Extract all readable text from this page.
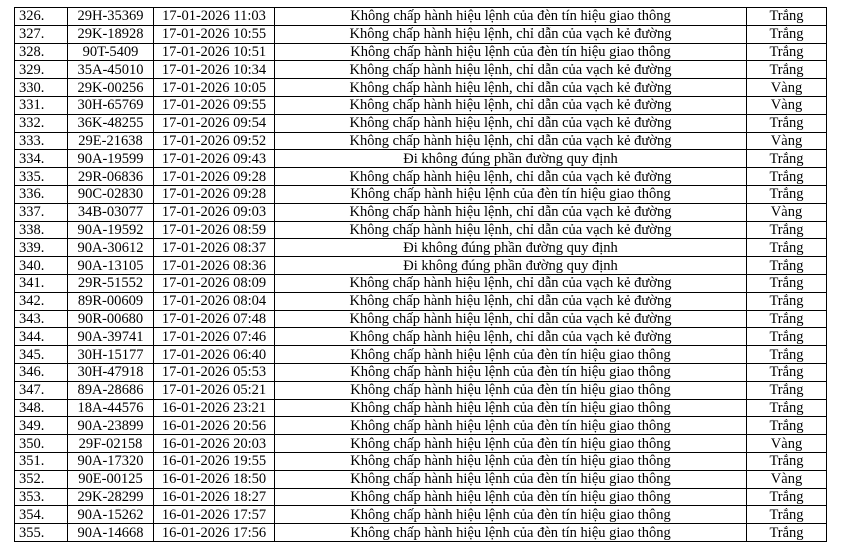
326.	29H-35369	17-01-2026 11:03	Không chấp hành hiệu lệnh của đèn tín hiệu giao thông	Trắng
327.	29K-18928	17-01-2026 10:55	Không chấp hành hiệu lệnh, chỉ dẫn của vạch kẻ đường	Trắng
328.	90T-5409	17-01-2026 10:51	Không chấp hành hiệu lệnh của đèn tín hiệu giao thông	Trắng
329.	35A-45010	17-01-2026 10:34	Không chấp hành hiệu lệnh, chỉ dẫn của vạch kẻ đường	Trắng
330.	29K-00256	17-01-2026 10:05	Không chấp hành hiệu lệnh, chỉ dẫn của vạch kẻ đường	Vàng
331.	30H-65769	17-01-2026 09:55	Không chấp hành hiệu lệnh, chỉ dẫn của vạch kẻ đường	Vàng
332.	36K-48255	17-01-2026 09:54	Không chấp hành hiệu lệnh, chỉ dẫn của vạch kẻ đường	Trắng
333.	29E-21638	17-01-2026 09:52	Không chấp hành hiệu lệnh, chỉ dẫn của vạch kẻ đường	Vàng
334.	90A-19599	17-01-2026 09:43	Đi không đúng phần đường quy định	Trắng
335.	29R-06836	17-01-2026 09:28	Không chấp hành hiệu lệnh, chỉ dẫn của vạch kẻ đường	Trắng
336.	90C-02830	17-01-2026 09:28	Không chấp hành hiệu lệnh của đèn tín hiệu giao thông	Trắng
337.	34B-03077	17-01-2026 09:03	Không chấp hành hiệu lệnh, chỉ dẫn của vạch kẻ đường	Vàng
338.	90A-19592	17-01-2026 08:59	Không chấp hành hiệu lệnh, chỉ dẫn của vạch kẻ đường	Trắng
339.	90A-30612	17-01-2026 08:37	Đi không đúng phần đường quy định	Trắng
340.	90A-13105	17-01-2026 08:36	Đi không đúng phần đường quy định	Trắng
341.	29R-51552	17-01-2026 08:09	Không chấp hành hiệu lệnh, chỉ dẫn của vạch kẻ đường	Trắng
342.	89R-00609	17-01-2026 08:04	Không chấp hành hiệu lệnh, chỉ dẫn của vạch kẻ đường	Trắng
343.	90R-00680	17-01-2026 07:48	Không chấp hành hiệu lệnh, chỉ dẫn của vạch kẻ đường	Trắng
344.	90A-39741	17-01-2026 07:46	Không chấp hành hiệu lệnh, chỉ dẫn của vạch kẻ đường	Trắng
345.	30H-15177	17-01-2026 06:40	Không chấp hành hiệu lệnh của đèn tín hiệu giao thông	Trắng
346.	30H-47918	17-01-2026 05:53	Không chấp hành hiệu lệnh của đèn tín hiệu giao thông	Trắng
347.	89A-28686	17-01-2026 05:21	Không chấp hành hiệu lệnh của đèn tín hiệu giao thông	Trắng
348.	18A-44576	16-01-2026 23:21	Không chấp hành hiệu lệnh của đèn tín hiệu giao thông	Trắng
349.	90A-23899	16-01-2026 20:56	Không chấp hành hiệu lệnh của đèn tín hiệu giao thông	Trắng
350.	29F-02158	16-01-2026 20:03	Không chấp hành hiệu lệnh của đèn tín hiệu giao thông	Vàng
351.	90A-17320	16-01-2026 19:55	Không chấp hành hiệu lệnh của đèn tín hiệu giao thông	Trắng
352.	90E-00125	16-01-2026 18:50	Không chấp hành hiệu lệnh của đèn tín hiệu giao thông	Vàng
353.	29K-28299	16-01-2026 18:27	Không chấp hành hiệu lệnh của đèn tín hiệu giao thông	Trắng
354.	90A-15262	16-01-2026 17:57	Không chấp hành hiệu lệnh của đèn tín hiệu giao thông	Trắng
355.	90A-14668	16-01-2026 17:56	Không chấp hành hiệu lệnh của đèn tín hiệu giao thông	Trắng
